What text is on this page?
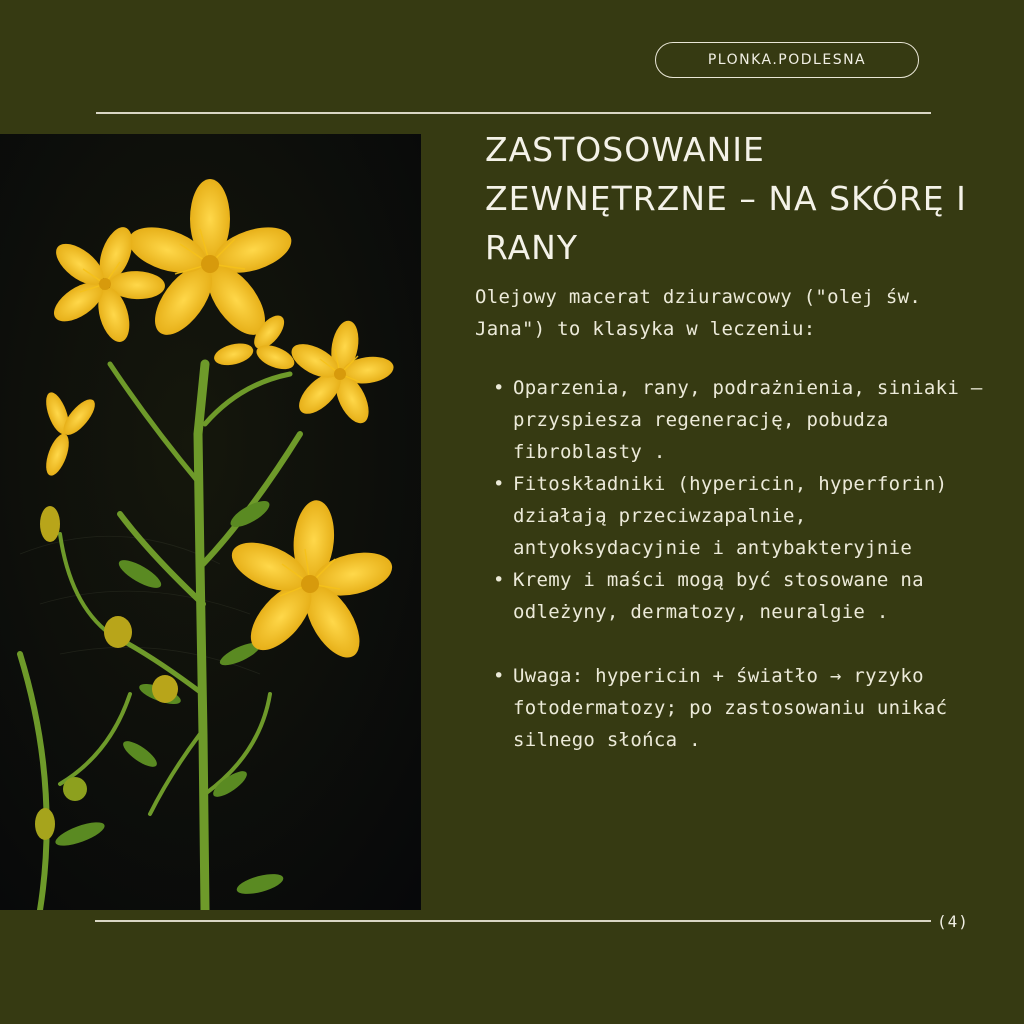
PLONKA.PODLESNA
ZASTOSOWANIE ZEWNĘTRZNE – NA SKÓRĘ I RANY

Olejowy macerat dziurawcowy ("olej św. Jana") to klasyka w leczeniu:

• Oparzenia, rany, podrażnienia, siniaki – przyspiesza regenerację, pobudza fibroblasty .
• Fitoskładniki (hypericin, hyperforin) działają przeciwzapalnie, antyoksydacyjnie i antybakteryjnie
• Kremy i maści mogą być stosowane na odleżyny, dermatozy, neuralgie .
• Uwaga: hypericin + światło → ryzyko fotodermatozy; po zastosowaniu unikać silnego słońca .
(4)
